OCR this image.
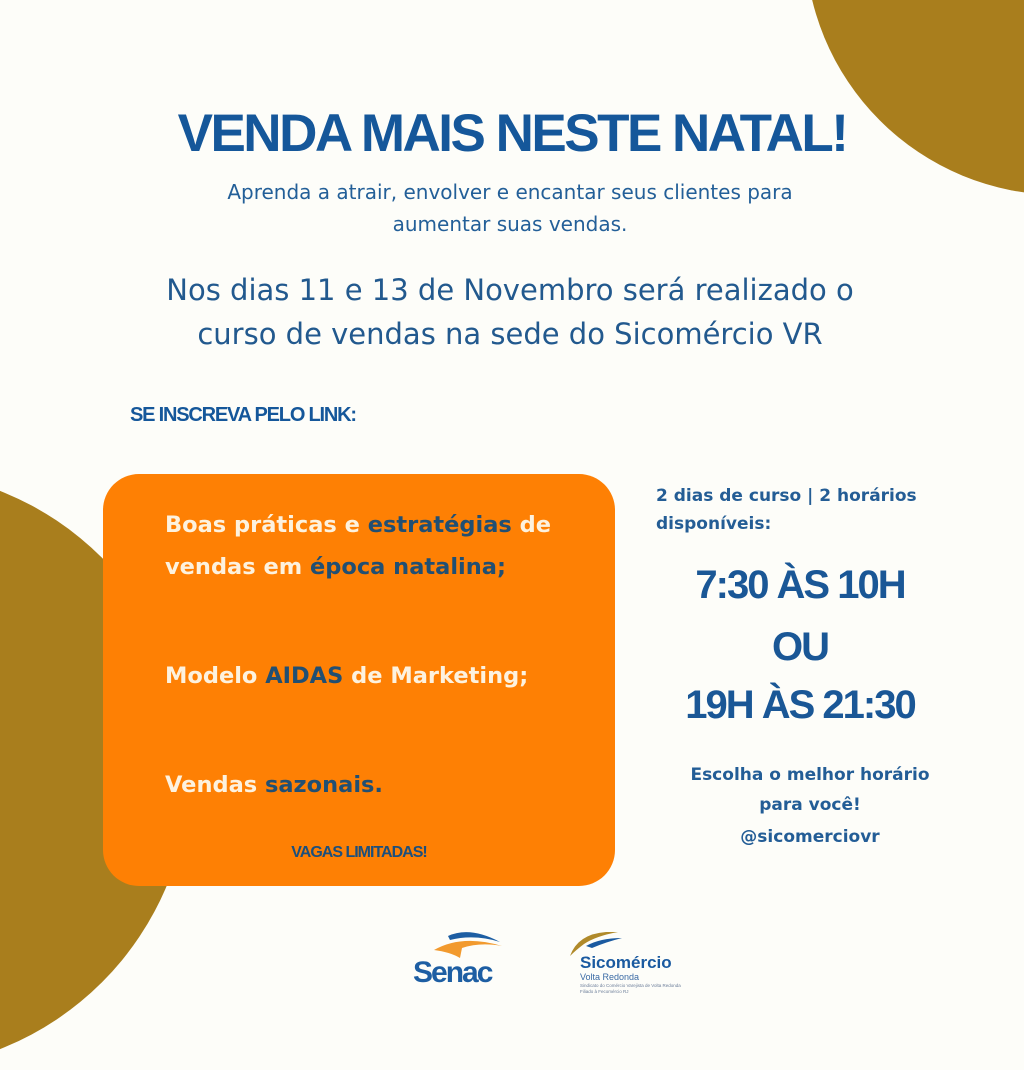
VENDA MAIS NESTE NATAL!
Aprenda a atrair, envolver e encantar seus clientes para
aumentar suas vendas.
Nos dias 11 e 13 de Novembro será realizado o
curso de vendas na sede do Sicomércio VR
SE INSCREVA PELO LINK:
Boas práticas e estratégias de vendas em época natalina;
Modelo AIDAS de Marketing;
Vendas sazonais.
VAGAS LIMITADAS!
2 dias de curso | 2 horários
disponíveis:
7:30 ÀS 10H
OU
19H ÀS 21:30
Escolha o melhor horário
para você!
@sicomerciovr
Senac	Sicomércio
Volta Redonda
Sindicato do Comércio Varejista de Volta Redonda
Filiado à Fecomércio RJ
